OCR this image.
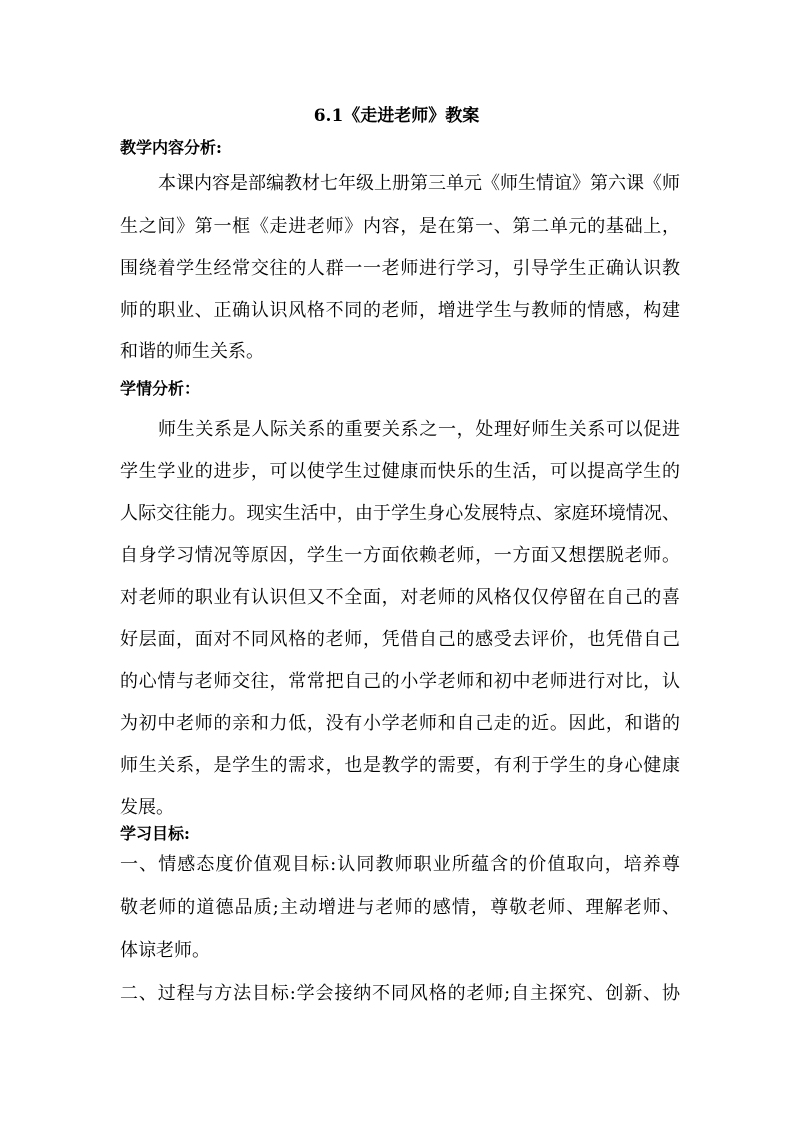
6.1《走进老师》教案
教学内容分析:
本课内容是部编教材七年级上册第三单元《师生情谊》第六课《师
生之间》第一框《走进老师》内容，是在第一、第二单元的基础上，
围绕着学生经常交往的人群一一老师进行学习，引导学生正确认识教
师的职业、正确认识风格不同的老师，增进学生与教师的情感，构建
和谐的师生关系。
学情分析：
师生关系是人际关系的重要关系之一，处理好师生关系可以促进
学生学业的进步，可以使学生过健康而快乐的生活，可以提高学生的
人际交往能力。现实生活中，由于学生身心发展特点、家庭环境情况、
自身学习情况等原因，学生一方面依赖老师，一方面又想摆脱老师。
对老师的职业有认识但又不全面，对老师的风格仅仅停留在自己的喜
好层面，面对不同风格的老师，凭借自己的感受去评价，也凭借自己
的心情与老师交往，常常把自己的小学老师和初中老师进行对比，认
为初中老师的亲和力低，没有小学老师和自己走的近。因此，和谐的
师生关系，是学生的需求，也是教学的需要，有利于学生的身心健康
发展。
学习目标:
一、情感态度价值观目标:认同教师职业所蕴含的价值取向，培养尊
敬老师的道德品质;主动增进与老师的感情，尊敬老师、理解老师、
体谅老师。
二、过程与方法目标:学会接纳不同风格的老师;自主探究、创新、协
